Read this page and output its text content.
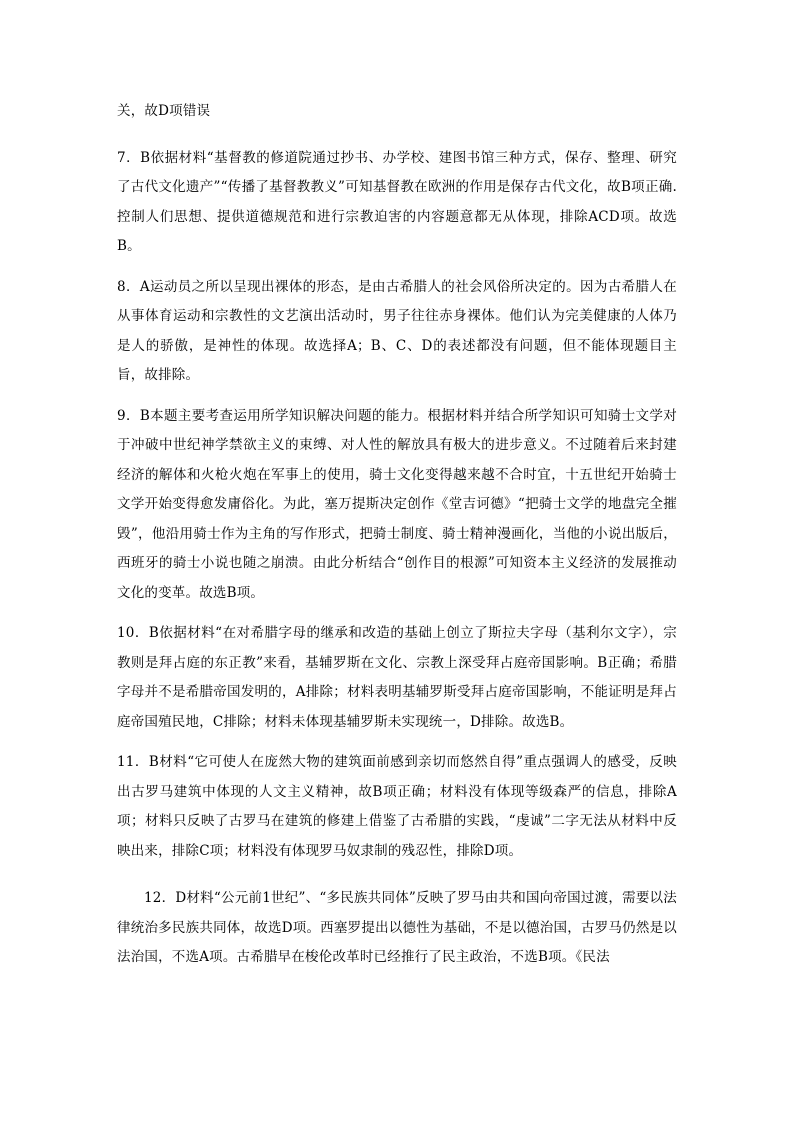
关，故D项错误

7．B依据材料“基督教的修道院通过抄书、办学校、建图书馆三种方式，保存、整理、研究了古代文化遗产”“传播了基督教教义”可知基督教在欧洲的作用是保存古代文化，故B项正确.控制人们思想、提供道德规范和进行宗教迫害的内容题意都无从体现，排除ACD项。故选B。

8．A运动员之所以呈现出裸体的形态，是由古希腊人的社会风俗所决定的。因为古希腊人在从事体育运动和宗教性的文艺演出活动时，男子往往赤身裸体。他们认为完美健康的人体乃是人的骄傲，是神性的体现。故选择A；B、C、D的表述都没有问题，但不能体现题目主旨，故排除。

9．B本题主要考查运用所学知识解决问题的能力。根据材料并结合所学知识可知骑士文学对于冲破中世纪神学禁欲主义的束缚、对人性的解放具有极大的进步意义。不过随着后来封建经济的解体和火枪火炮在军事上的使用，骑士文化变得越来越不合时宜，十五世纪开始骑士文学开始变得愈发庸俗化。为此，塞万提斯决定创作《堂吉诃德》“把骑士文学的地盘完全摧毁”，他沿用骑士作为主角的写作形式，把骑士制度、骑士精神漫画化，当他的小说出版后，西班牙的骑士小说也随之崩溃。由此分析结合“创作目的根源”可知资本主义经济的发展推动文化的变革。故选B项。

10．B依据材料“在对希腊字母的继承和改造的基础上创立了斯拉夫字母（基利尔文字），宗教则是拜占庭的东正教”来看，基辅罗斯在文化、宗教上深受拜占庭帝国影响。B正确；希腊字母并不是希腊帝国发明的，A排除；材料表明基辅罗斯受拜占庭帝国影响，不能证明是拜占庭帝国殖民地，C排除；材料未体现基辅罗斯未实现统一，D排除。故选B。

11．B材料“它可使人在庞然大物的建筑面前感到亲切而悠然自得”重点强调人的感受，反映出古罗马建筑中体现的人文主义精神，故B项正确；材料没有体现等级森严的信息，排除A项；材料只反映了古罗马在建筑的修建上借鉴了古希腊的实践，“虔诚”二字无法从材料中反映出来，排除C项；材料没有体现罗马奴隶制的残忍性，排除D项。

12．D材料“公元前1世纪”、“多民族共同体”反映了罗马由共和国向帝国过渡，需要以法律统治多民族共同体，故选D项。西塞罗提出以德性为基础，不是以德治国，古罗马仍然是以法治国，不选A项。古希腊早在梭伦改革时已经推行了民主政治，不选B项。《民法
